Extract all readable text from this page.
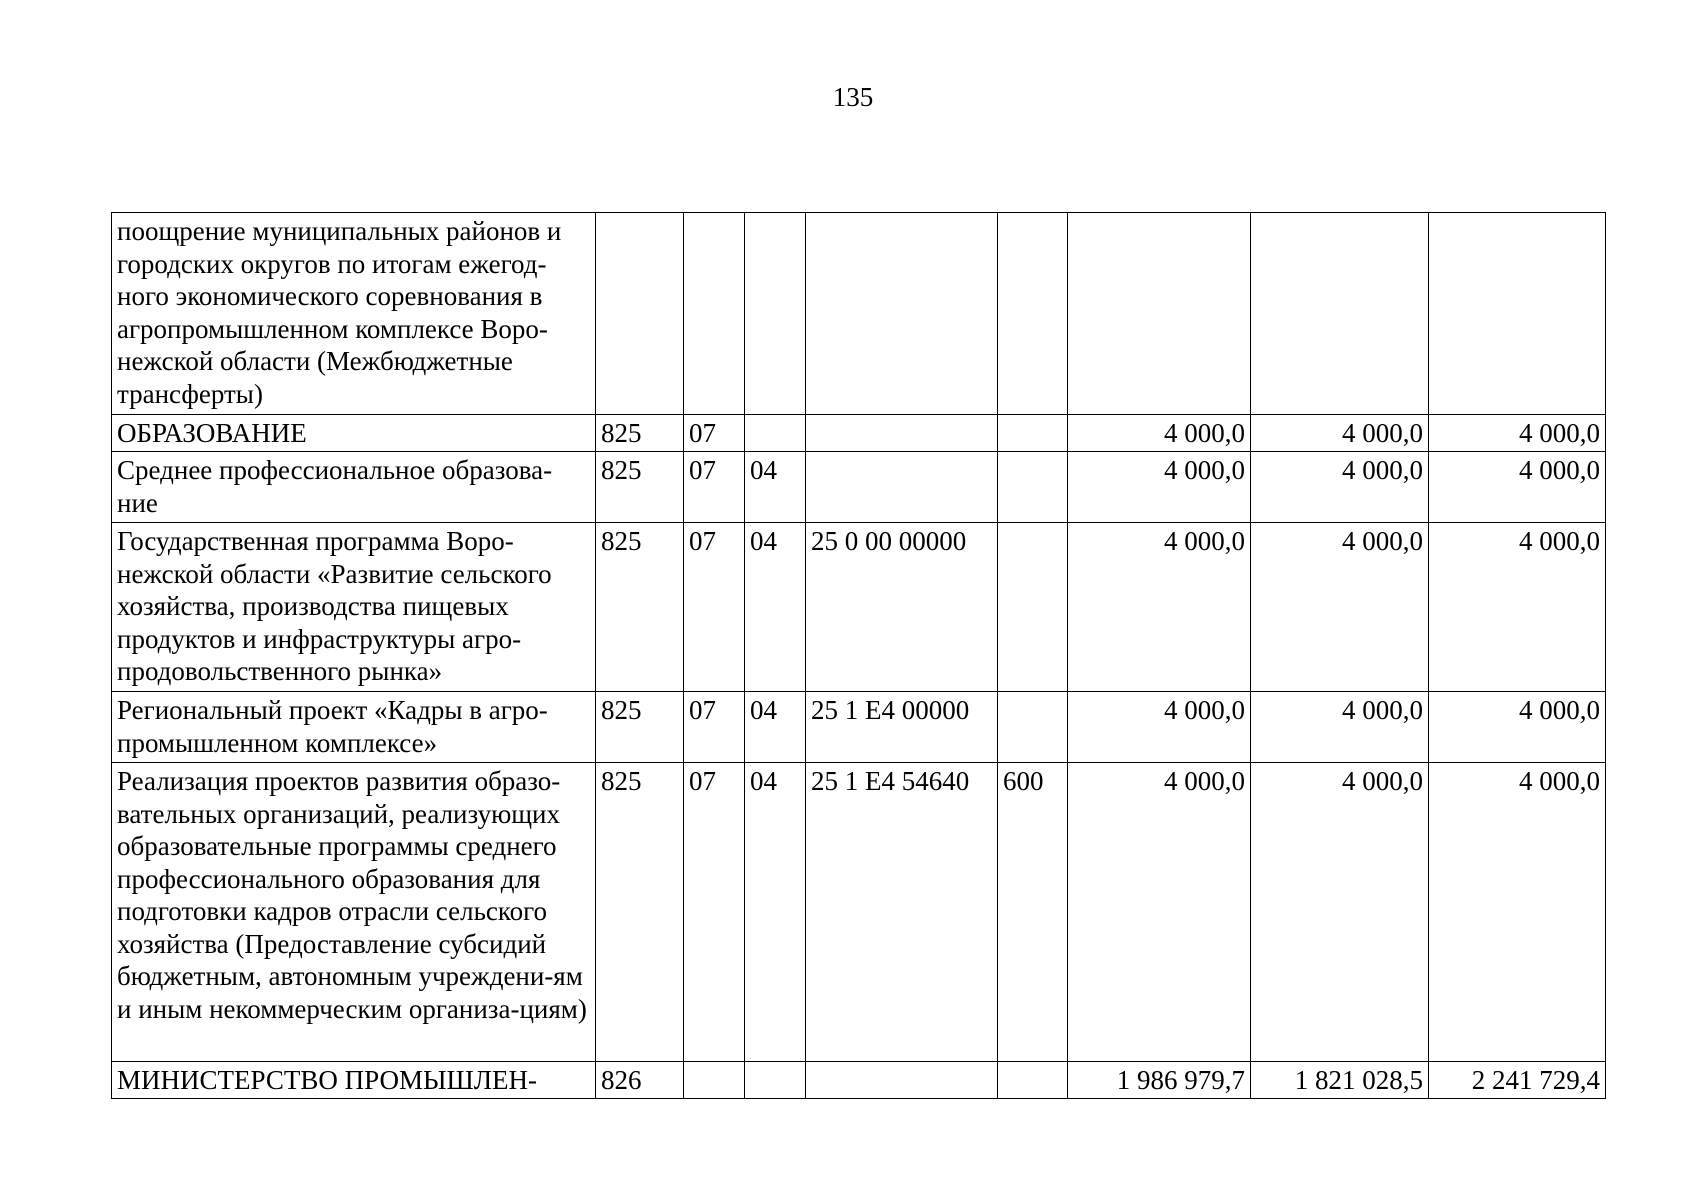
135
поощрение муниципальных районов и городских округов по итогам ежегод-ного экономического соревнования в агропромышленном комплексе Воро-нежской области (Межбюджетные трансферты)								
ОБРАЗОВАНИЕ	825	07				4 000,0	4 000,0	4 000,0
Среднее профессиональное образова-ние	825	07	04			4 000,0	4 000,0	4 000,0
Государственная программа Воро-нежской области «Развитие сельского хозяйства, производства пищевых продуктов и инфраструктуры агро-продовольственного рынка»	825	07	04	25 0 00 00000		4 000,0	4 000,0	4 000,0
Региональный проект «Кадры в агро-промышленном комплексе»	825	07	04	25 1 E4 00000		4 000,0	4 000,0	4 000,0
Реализация проектов развития образо-вательных организаций, реализующих образовательные программы среднего профессионального образования для подготовки кадров отрасли сельского хозяйства (Предоставление субсидий бюджетным, автономным учреждени-ям и иным некоммерческим организа-циям)	825	07	04	25 1 E4 54640	600	4 000,0	4 000,0	4 000,0
МИНИСТЕРСТВО ПРОМЫШЛЕН-	826					1 986 979,7	1 821 028,5	2 241 729,4
